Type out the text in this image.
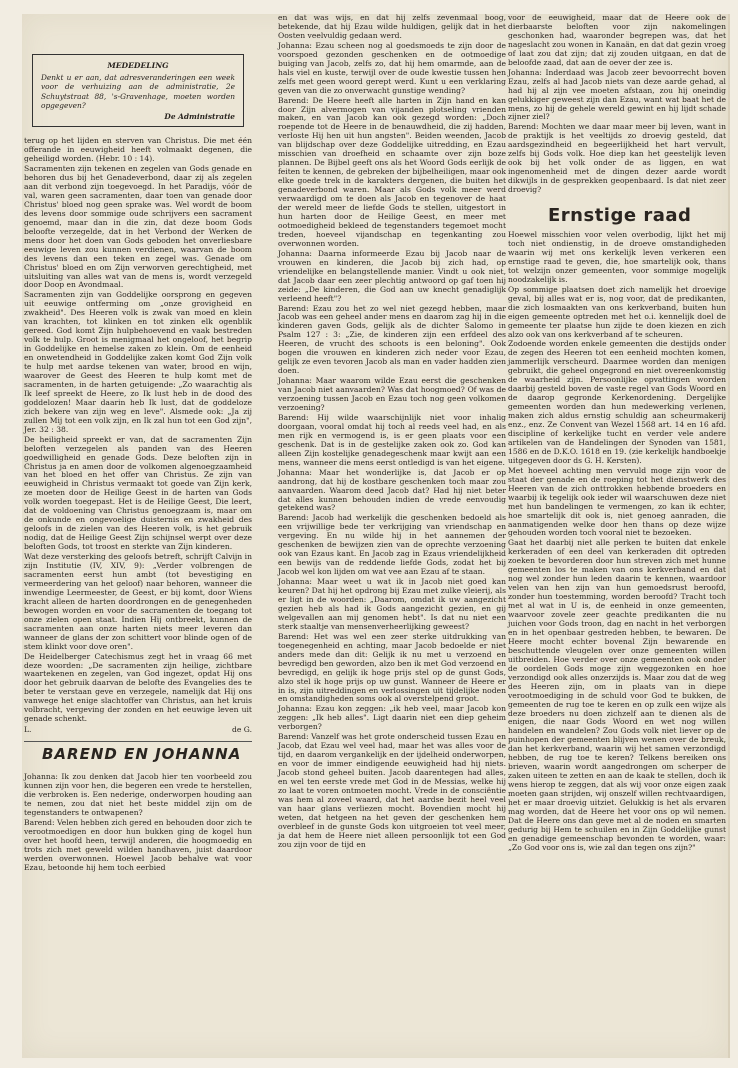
MEDEDELING
Denkt u er aan, dat adresveranderingen een week voor de verhuizing aan de administratie, 2e Schuytstraat 88, 's-Gravenhage, moeten worden opgegeven?
De Administratie

terug op het lijden en sterven van Christus. Die met één offerande in eeuwigheid heeft volmaakt degenen, die geheiligd worden. (Hebr. 10 : 14).

Sacramenten zijn tekenen en zegelen van Gods genade en behoren dus bij het Genadeverbond, daar zij als zegelen aan dit verbond zijn toegevoegd. In het Paradijs, vóór de val, waren geen sacramenten, daar toen van genade door Christus' bloed nog geen sprake was. Wel wordt de boom des levens door sommige oude schrijvers een sacrament genoemd, maar dan in die zin, dat deze boom Gods beloofte verzegelde, dat in het Verbond der Werken de mens door het doen van Gods geboden het onverliesbare eeuwige leven zou kunnen verdienen, waarvan de boom des levens dan een teken en zegel was. Genade om Christus' bloed en om Zijn verworven gerechtigheid, met uitsluiting van alles wat van de mens is, wordt verzegeld door Doop en Avondmaal.

Sacramenten zijn van Goddelijke oorsprong en gegeven uit eeuwige ontferming om „onze grovigheid en zwakheid". Des Heeren volk is zwak van moed en klein van krachten, tot klinken en tot zinken elk ogenblik gereed. God komt Zijn hulpbehoevend en vaak bestreden volk te hulp. Groot is menigmaal het ongeloof, het begrip in Goddelijke en hemelse zaken zo klein. Om de eenheid en onwetendheid in Goddelijke zaken komt God Zijn volk te hulp met aardse tekenen van water, brood en wijn, waarover de Geest des Heeren te hulp komt met de sacramenten, in de harten getuigende: „Zo waarachtig als Ik leef spreekt de Heere, zo Ik lust heb in de dood des goddelozen! Maar daarin heb Ik lust, dat de goddeloze zich bekere van zijn weg en leve". Alsmede ook: „Ja zij zullen Mij tot een volk zijn, en Ik zal hun tot een God zijn", Jer. 32 : 38.

De heiligheid spreekt er van, dat de sacramenten Zijn beloften verzegelen als panden van des Heeren goedwilligheid en genade Gods. Deze beloften zijn in Christus ja en amen door de volkomen algenoegzaamheid van het bloed en het offer van Christus. Ze zijn van eeuwigheid in Christus vermaakt tot goede van Zijn kerk, ze moeten door de Heilige Geest in de harten van Gods volk worden toegepast. Het is de Heilige Geest, Die leert, dat de voldoening van Christus genoegzaam is, maar om de onkunde en ongevoelige duisternis en zwakheid des geloofs in de zielen van des Heeren volk, is het gebruik nodig, dat de Heilige Geest Zijn schijnsel werpt over deze beloften Gods, tot troost en sterkte van Zijn kinderen.

Wat deze versterking des geloofs betreft, schrijft Calvijn in zijn Institutie (IV, XIV, 9): „Verder volbrengen de sacramenten eerst hun ambt (tot bevestiging en vermeerdering van het geloof) naar behoren, wanneer die inwendige Leermeester, de Geest, er bij komt, door Wiens kracht alleen de harten doordrongen en de genegenheden bewogen worden en voor de sacramenten de toegang tot onze zielen open staat. Indien Hij ontbreekt, kunnen de sacramenten aan onze harten niets meer leveren dan wanneer de glans der zon schittert voor blinde ogen of de stem klinkt voor dove oren".

De Heidelberger Catechismus zegt het in vraag 66 met deze woorden: „De sacramenten zijn heilige, zichtbare waartekenen en zegelen, van God ingezet, opdat Hij ons door het gebruik daarvan de belofte des Evangelies des te beter te verstaan geve en verzegele, namelijk dat Hij ons vanwege het enige slachtoffer van Christus, aan het kruis volbracht, vergeving der zonden en het eeuwige leven uit genade schenkt.

L.	de G.
BAREND EN JOHANNA

Johanna: Ik zou denken dat Jacob hier ten voorbeeld zou kunnen zijn voor hen, die begeren een vrede te herstellen, die verbroken is. Een nederige, onderworpen houding aan te nemen, zou dat niet het beste middel zijn om de tegenstanders te ontwapenen?

Barend: Velen hebben zich gered en behouden door zich te verootmoedigen en door hun bukken ging de kogel hun over het hoofd heen, terwijl anderen, die hoogmoedig en trots zich met geweld wilden handhaven, juist daardoor werden overwonnen. Hoewel Jacob behalve wat voor Ezau, betoonde hij hem toch eerbied

en dat was wijs, en dat hij zelfs zevenmaal boog, betekende, dat hij Ezau wilde huldigen, gelijk dat in het Oosten veelvuldig gedaan werd.

Johanna: Ezau scheen nog al goedsmoeds te zijn door de voorspoed gezonden geschenken en de ootmoedige buiging van Jacob, zelfs zo, dat hij hem omarmde, aan de hals viel en kuste, terwijl over de oude kwestie tussen hen zelfs met geen woord gerept werd. Kunt u een verklaring geven van die zo onverwacht gunstige wending?

Barend: De Heere heeft alle harten in Zijn hand en kan door Zijn alvermogen van vijanden plotseling vrienden maken, en van Jacob kan ook gezegd worden: „Doch roepende tot de Heere in de benauwdheid, die zij hadden, verloste Hij hen uit hun angsten". Beiden weenden, Jacob van blijdschap over deze Goddelijke uitredding, en Ezau misschien van droefheid en schaamte over zijn boze plannen. De Bijbel geeft ons als het Woord Gods eerlijk de feiten te kennen, de gebreken der bijbelheiligen, maar ook elke goede trek in de karakters dergenen, die buiten het genadeverbond waren. Maar als Gods volk meer werd verwaardigd om te doen als Jacob en tegenover de haat der wereld meer de liefde Gods te stellen, uitgestort in hun harten door de Heilige Geest, en meer met ootmoedigheid bekleed de tegenstanders tegemoet mocht treden, hoeveel vijandschap en tegenkanting zou overwonnen worden.

Johanna: Daarna informeerde Ezau bij Jacob naar de vrouwen en kinderen, die Jacob bij zich had, op vriendelijke en belangstellende manier. Vindt u ook niet, dat Jacob daar een zeer plechtig antwoord op gaf toen hij zeide: „De kinderen, die God aan uw knecht genadiglijk verleend heeft"?

Barend: Ezau zou het zo wel niet gezegd hebben, maar Jacob was een geheel ander mens en daarom zag hij in die kinderen gaven Gods, gelijk als de dichter Salomo in Psalm 127 : 3: „Zie, de kinderen zijn een erfdeel des Heeren, de vrucht des schoots is een beloning". Ook bogen die vrouwen en kinderen zich neder voor Ezau, gelijk ze even tevoren Jacob als man en vader hadden zien doen.

Johanna: Maar waarom wilde Ezau eerst die geschenken van Jacob niet aanvaarden? Was dat hoogmoed? Of was de verzoening tussen Jacob en Ezau toch nog geen volkomen verzoening?

Barend: Hij wilde waarschijnlijk niet voor inhalig doorgaan, vooral omdat hij toch al reeds veel had, en als men rijk en vermogend is, is er geen plaats voor een geschenk. Dat is in de gestelijke zaken ook zo. God kan alleen Zijn kostelijke genadegeschenk maar kwijt aan een mens, wanneer die mens eerst ontledigd is van het eigene.

Johanna: Maar het wonderlijke is, dat Jacob er op aandrong, dat hij de kostbare geschenken toch maar zou aanvaarden. Waarom deed Jacob dat? Had hij niet beter dat alles kunnen behouden indien de vrede eenvoudig getekend was?

Barend: Jacob had werkelijk die geschenken bedoeld als een vrijwillige bede ter verkrijging van vriendschap en vergeving. En nu wilde hij in het aannemen der geschenken de bewijzen zien van de oprechte verzoening ook van Ezaus kant. En Jacob zag in Ezaus vriendelijkheid een bewijs van de reddende liefde Gods, zodat het bij Jacob wel kon lijden om wat vee aan Ezau af te staan.

Johanna: Maar weet u wat ik in Jacob niet goed kan keuren? Dat hij het opdrong bij Ezau met zulke vleierij, als er ligt in de woorden: „Daarom, omdat ik uw aangezicht gezien heb als had ik Gods aangezicht gezien, en gij welgevallen aan mij genomen hebt". Is dat nu niet een sterk staaltje van mensenverheerlijking geweest?

Barend: Het was wel een zeer sterke uitdrukking van toegenegenheid en achting, maar Jacob bedoelde er niet anders mede dan dit: Gelijk ik nu met u verzoend en bevredigd ben geworden, alzo ben ik met God verzoend en bevredigd, en gelijk ik hoge prijs stel op de gunst Gods, alzo stel ik hoge prijs op uw gunst. Wanneer de Heere er in is, zijn uitreddingen en verlossingen uit tijdelijke noden en omstandigheden soms ook al overstelpend groot.

Johanna: Ezau kon zeggen: „ik heb veel, maar Jacob kon zeggen: „Ik heb alles". Ligt daarin niet een diep geheim verborgen?

Barend: Vanzelf was het grote onderscheid tussen Ezau en Jacob, dat Ezau wel veel had, maar het was alles voor de tijd, en daarom vergankelijk en der ijdelheid onderworpen, en voor de immer eindigende eeuwigheid had hij niets. Jacob stond geheel buiten. Jacob daarentegen had alles, en wel ten eerste vrede met God in de Messias, welke hij zo laat te voren ontmoeten mocht. Vrede in de consciëntie was hem al zoveel waard, dat het aardse bezit heel veel van haar glans verliezen mocht. Bovendien mocht hij weten, dat hetgeen na het geven der geschenken hem overbleef in de gunste Gods kon uitgroeien tot veel meer, ja dat hem de Heere niet alleen persoonlijk tot een God zou zijn voor de tijd en

voor de eeuwigheid, maar dat de Heere ook de dierbaarste beloften voor zijn nakomelingen geschonken had, waaronder begrepen was, dat het nageslacht zou wonen in Kanaän, en dat dat gezin vroeg of laat zou dat zijn; dat zij zouden uitgaan, en dat de beloofde zaad, dat aan de oever der zee is.

Johanna: Inderdaad was Jacob zeer bevoorrecht boven Ezau, zelfs al had Jacob niets van deze aarde gehad, al had hij al zijn vee moeten afstaan, zou hij oneindig gelukkiger geweest zijn dan Ezau, want wat baat het de mens, zo hij de gehele wereld gewint en hij lijdt schade zijner ziel?

Barend: Mochten we daar maar meer bij leven, want in de praktijk is het veeltijds zo droevig gesteld, dat aardsgezindheid en begeerlijkheid het hart vervult, zelfs bij Gods volk. Hoe diep kan het geestelijk leven ook bij het volk onder de as liggen, en wat ingenomenheid met de dingen dezer aarde wordt dikwijls in de gesprekken geopenbaard. Is dat niet zeer droevig?

Ernstige raad

Hoewel misschien voor velen overbodig, lijkt het mij toch niet ondienstig, in de droeve omstandigheden waarin wij met ons kerkelijk leven verkeren een ernstige raad te geven, die, hoe smartelijk ook, thans tot welzijn onzer gemeenten, voor sommige mogelijk noodzakelijk is.

Op sommige plaatsen doet zich namelijk het droevige geval, bij alles wat er is, nog voor, dat de predikanten, die zich losmaakten van ons kerkverband, buiten hun eigen gemeente optreden met het o.i. kennelijk doel de gemeente ter plaatse hun zijde te doen kiezen en zich alzo ook van ons kerkverband af te scheuren.

Zodoende worden enkele gemeenten die destijds onder de zegen des Heeren tot een eenheid mochten komen, jammerlijk verscheurd. Daarmee worden dan menigen gebruikt, die geheel ongegrond en niet overeenkomstig de waarheid zijn. Persoonlijke opvattingen worden daarbij gesteld boven de vaste regel van Gods Woord en de daarop gegronde Kerkenordening. Dergelijke gemeenten worden dan hun medewerking verlenen, maken zich aldus ernstig schuldig aan scheurmakerij enz., enz. Ze Convent van Wezel 1568 art. 14 en 16 afd. discipline of kerkelijke tucht en verder vele andere artikelen van de Handelingen der Synoden van 1581, 1586 en de D.K.O. 1618 en 19. (zie kerkelijk handboekje uitgegeven door ds G. H. Kersten).

Met hoeveel achting men vervuld moge zijn voor de staat der genade en de roeping tot het dienstwerk des Heeren van de zich onttrokken hebbende broeders en waarbij ik tegelijk ook ieder wil waarschuwen deze niet met hun bandelingen te vermengen, zo kan ik echter, hoe smartelijk dit ook is, niet genoeg aanraden, die aanmatigenden welke door hen thans op deze wijze gehouden worden toch vooral niet te bezoeken.

Gaat het daarbij niet alle perken te buiten dat enkele kerkeraden of een deel van kerkeraden dit optreden zoeken te bevorderen door hun streven zich met hunne gemeenten los te maken van ons kerkverband en dat nog wel zonder hun leden daarin te kennen, waardoor velen van hen zijn van hun gemoedsrust beroofd, zonder hun toestemming, worden beroofd? Tracht toch met al wat in U is, de eenheid in onze gemeenten, waarvoor zovele zeer geachte predikanten die nu juichen voor Gods troon, dag en nacht in het verborgen en in het openbaar gestreden hebben, te bewaren. De Heere mocht echter bovenal Zijn bewarende en beschuttende vleugelen over onze gemeenten willen uitbreiden. Hoe verder over onze gemeenten ook onder de oordelen Gods moge zijn weggezonken en hoe verzondigd ook alles onzerzijds is. Maar zou dat de weg des Heeren zijn, om in plaats van in diepe verootmoediging in de schuld voor God te bukken, de gemeenten de rug toe te keren en op zulk een wijze als deze broeders nu doen zichzelf aan te dienen als de enigen, die naar Gods Woord en wet nog willen handelen en wandelen? Zou Gods volk niet liever op de puinhopen der gemeenten blijven wenen over de breuk, dan het kerkverband, waarin wij het samen verzondigd hebben, de rug toe te keren? Telkens bereiken ons brieven, waarin wordt aangedrongen om scherper de zaken uiteen te zetten en aan de kaak te stellen, doch ik wens hierop te zeggen, dat als wij voor onze eigen zaak moeten gaan strijden, wij onszelf willen rechtvaardigen, het er maar droevig uitziet. Gelukkig is het als ervaren mag worden, dat de Heere het voor ons op wil nemen. Dat de Heere ons dan geve met al de noden en smarten gedurig bij Hem te schuilen en in Zijn Goddelijke gunst en genadige gemeenschap bevonden te worden, waar: „Zo God voor ons is, wie zal dan tegen ons zijn?"
